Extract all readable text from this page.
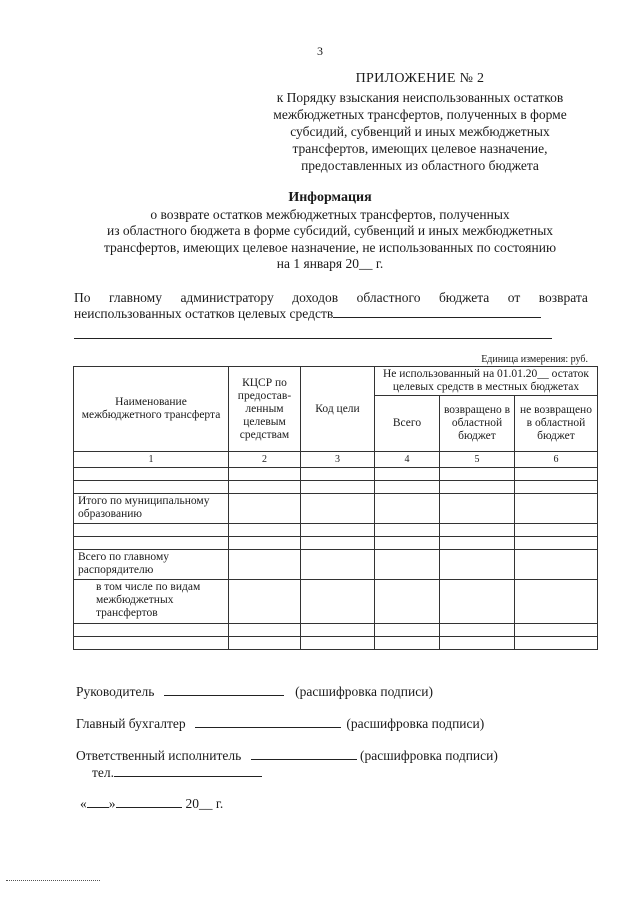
3
ПРИЛОЖЕНИЕ № 2
к Порядку взыскания неиспользованных остатков
межбюджетных трансфертов, полученных в форме
субсидий, субвенций и иных межбюджетных
трансфертов, имеющих целевое назначение,
предоставленных из областного бюджета
Информация
о возврате остатков межбюджетных трансфертов, полученных
из областного бюджета в форме субсидий, субвенций и иных межбюджетных
трансфертов, имеющих целевое назначение, не использованных по состоянию
на 1 января 20__ г.
По главному администратору доходов областного бюджета от возврата
неиспользованных остатков целевых средств
Единица измерения: руб.
Наименование межбюджетного трансферта	КЦСР по предостав-ленным целевым средствам	Код цели	Не использованный на 01.01.20__ остаток целевых средств в местных бюджетах		
			Всего	возвращено в областной бюджет	не возвращено в областной бюджет
1	2	3	4	5	6

Итого по муниципальному образованию					

Всего по главному распорядителю					
в том числе по видам межбюджетных трансфертов					

Руководитель	(расшифровка подписи)
Главный бухгалтер	(расшифровка подписи)
Ответственный исполнитель	(расшифровка подписи)
тел.
« »	20__ г.
